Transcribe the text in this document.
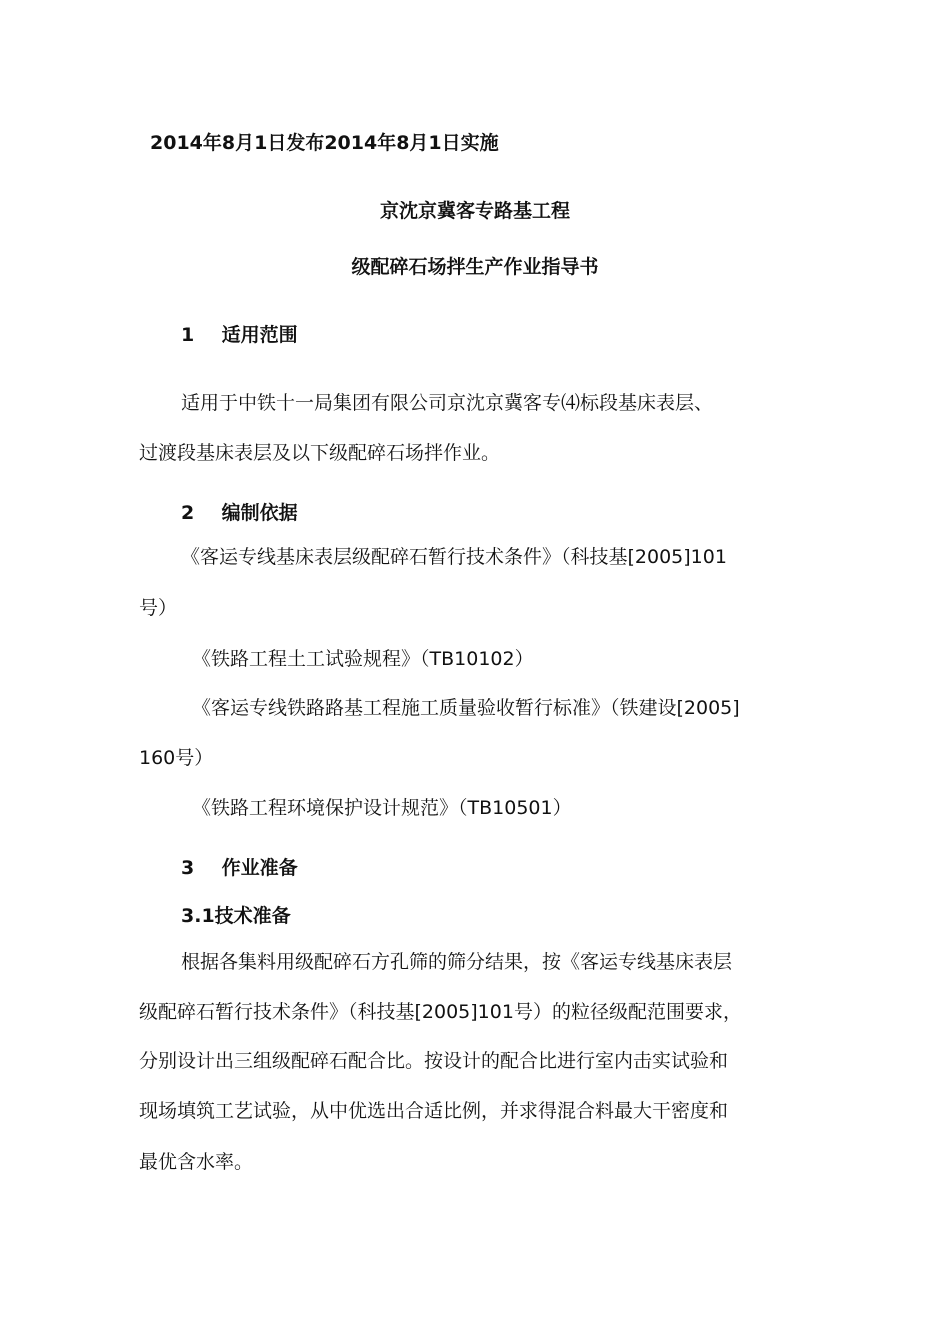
2014年8月1日发布2014年8月1日实施
京沈京冀客专路基工程
级配碎石场拌生产作业指导书
1 适用范围
适用于中铁十一局集团有限公司京沈京冀客专⑷标段基床表层、
过渡段基床表层及以下级配碎石场拌作业。
2 编制依据
《客运专线基床表层级配碎石暂行技术条件》（科技基[2005]101
号）
《铁路工程土工试验规程》（TB10102）
《客运专线铁路路基工程施工质量验收暂行标准》（铁建设[2005]
160号）
《铁路工程环境保护设计规范》（TB10501）
3 作业准备
3.1技术准备
根据各集料用级配碎石方孔筛的筛分结果，按《客运专线基床表层
级配碎石暂行技术条件》（科技基[2005]101号）的粒径级配范围要求，
分别设计出三组级配碎石配合比。按设计的配合比进行室内击实试验和
现场填筑工艺试验，从中优选出合适比例，并求得混合料最大干密度和
最优含水率。
